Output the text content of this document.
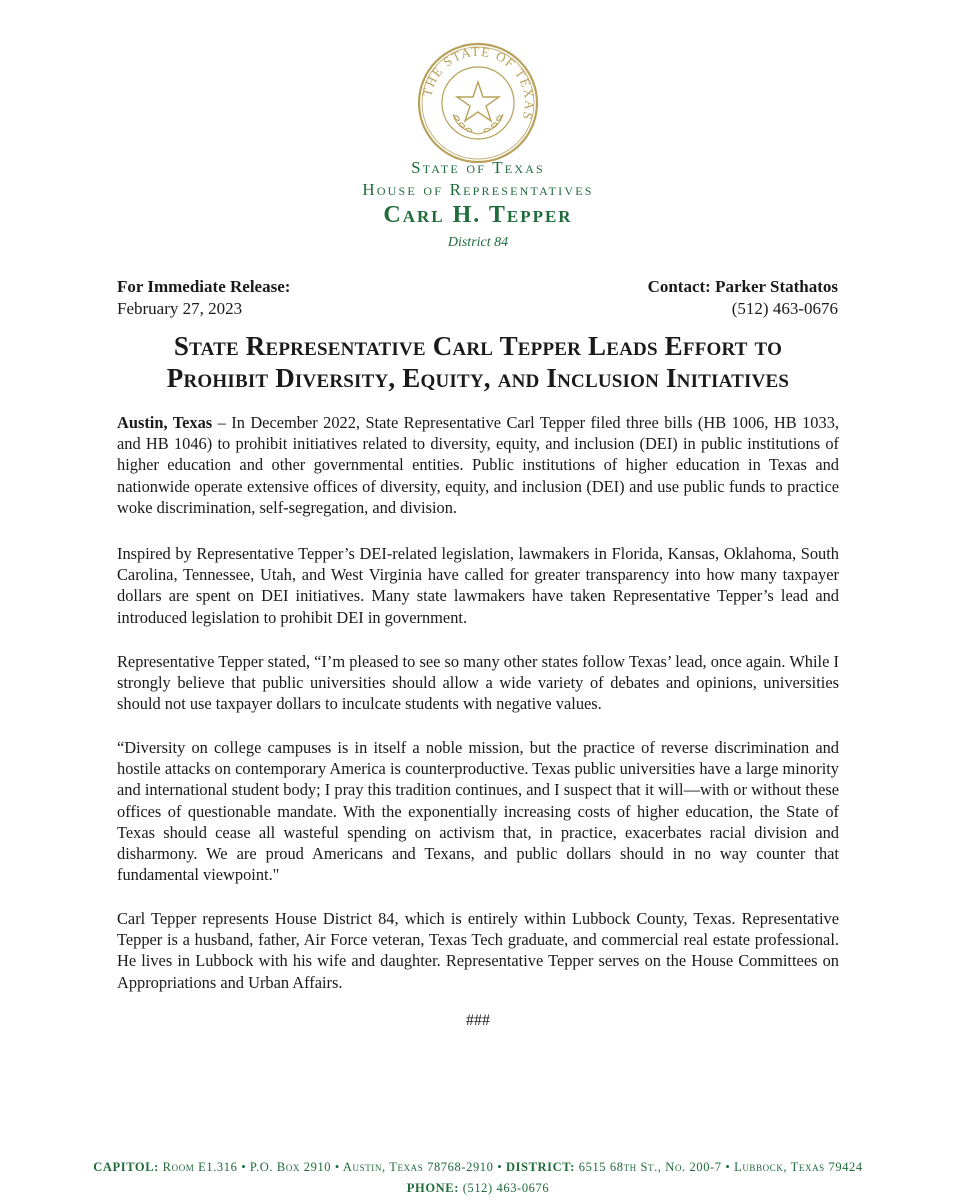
THE STATE OF TEXAS
State of Texas
House of Representatives
Carl H. Tepper
District 84
For Immediate Release:
February 27, 2023
Contact: Parker Stathatos
(512) 463-0676
State Representative Carl Tepper Leads Effort to
Prohibit Diversity, Equity, and Inclusion Initiatives

Austin, Texas – In December 2022, State Representative Carl Tepper filed three bills (HB 1006, HB 1033, and HB 1046) to prohibit initiatives related to diversity, equity, and inclusion (DEI) in public institutions of higher education and other governmental entities. Public institutions of higher education in Texas and nationwide operate extensive offices of diversity, equity, and inclusion (DEI) and use public funds to practice woke discrimination, self-segregation, and division.

Inspired by Representative Tepper’s DEI-related legislation, lawmakers in Florida, Kansas, Oklahoma, South Carolina, Tennessee, Utah, and West Virginia have called for greater transparency into how many taxpayer dollars are spent on DEI initiatives. Many state lawmakers have taken Representative Tepper’s lead and introduced legislation to prohibit DEI in government.

Representative Tepper stated, “I’m pleased to see so many other states follow Texas’ lead, once again. While I strongly believe that public universities should allow a wide variety of debates and opinions, universities should not use taxpayer dollars to inculcate students with negative values.

“Diversity on college campuses is in itself a noble mission, but the practice of reverse discrimination and hostile attacks on contemporary America is counterproductive. Texas public universities have a large minority and international student body; I pray this tradition continues, and I suspect that it will—with or without these offices of questionable mandate. With the exponentially increasing costs of higher education, the State of Texas should cease all wasteful spending on activism that, in practice, exacerbates racial division and disharmony. We are proud Americans and Texans, and public dollars should in no way counter that fundamental viewpoint."

Carl Tepper represents House District 84, which is entirely within Lubbock County, Texas. Representative Tepper is a husband, father, Air Force veteran, Texas Tech graduate, and commercial real estate professional. He lives in Lubbock with his wife and daughter. Representative Tepper serves on the House Committees on Appropriations and Urban Affairs.

###
CAPITOL: Room E1.316 • P.O. Box 2910 • Austin, Texas 78768-2910 • DISTRICT: 6515 68th St., No. 200-7 • Lubbock, Texas 79424
PHONE: (512) 463-0676
